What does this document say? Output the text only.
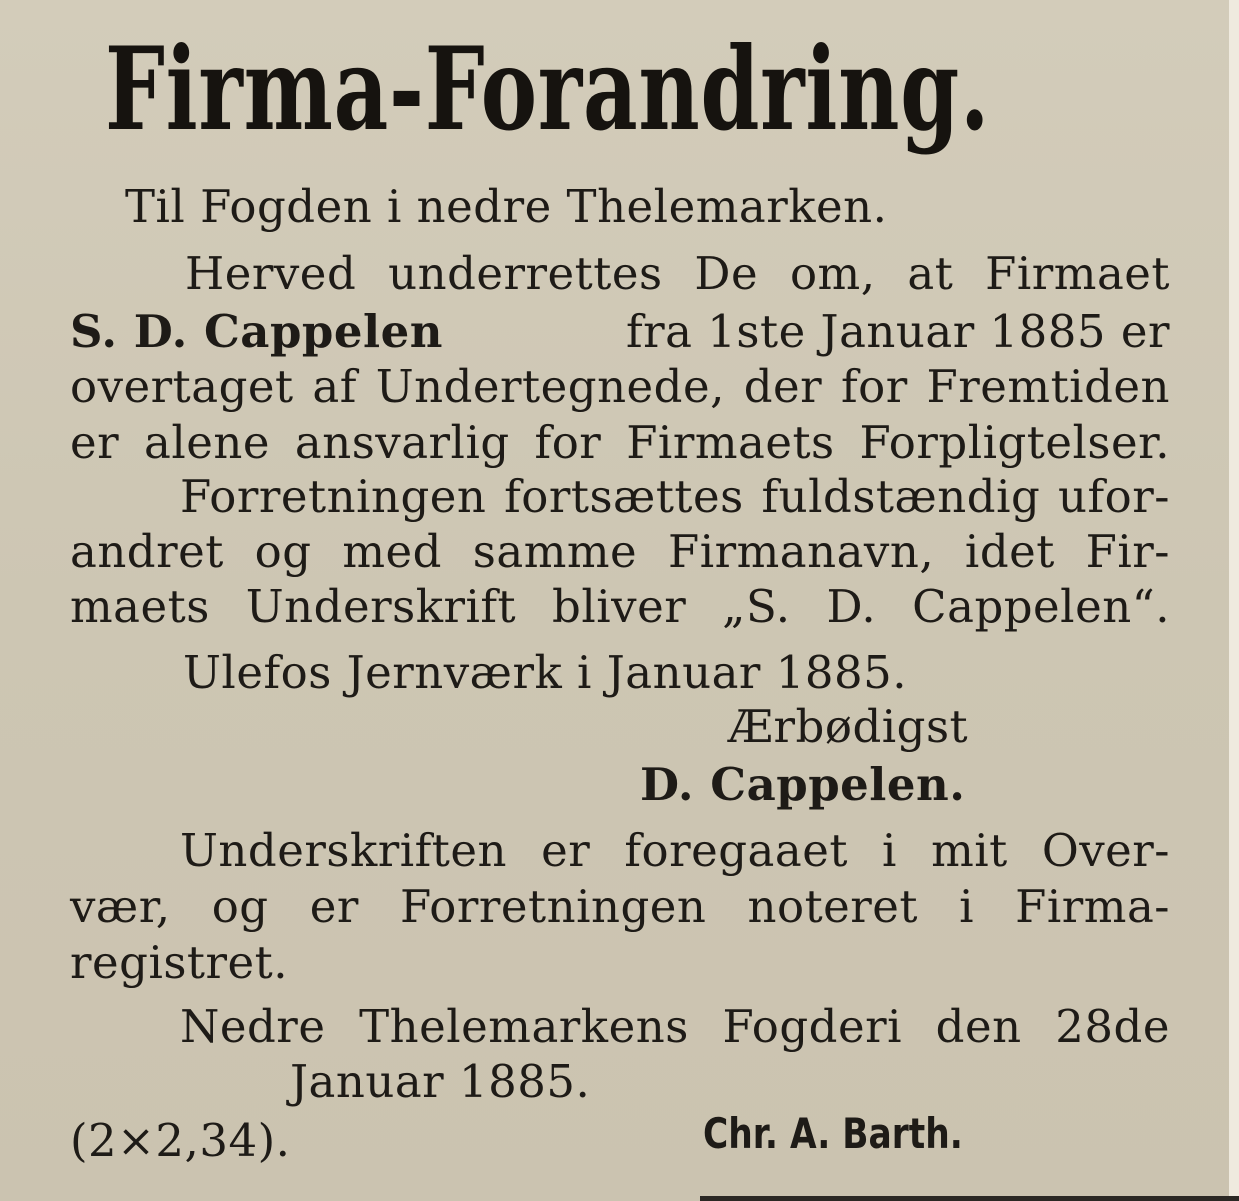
Firma-Forandring.
Til Fogden i nedre Thelemarken.
Herved underrettes De om, at Firmaet
S. D. Cappelen	fra 1ste Januar 1885 er
overtaget af Undertegnede, der for Fremtiden
er alene ansvarlig for Firmaets Forpligtelser.
Forretningen fortsættes fuldstændig ufor-
andret og med samme Firmanavn, idet Fir-
maets Underskrift bliver „S. D. Cappelen“.
Ulefos Jernværk i Januar 1885.
Ærbødigst
D. Cappelen.
Underskriften er foregaaet i mit Over-
vær, og er Forretningen noteret i Firma-
registret.
Nedre Thelemarkens Fogderi den 28de
Januar 1885.
(2×2,34).	Chr. A. Barth.
